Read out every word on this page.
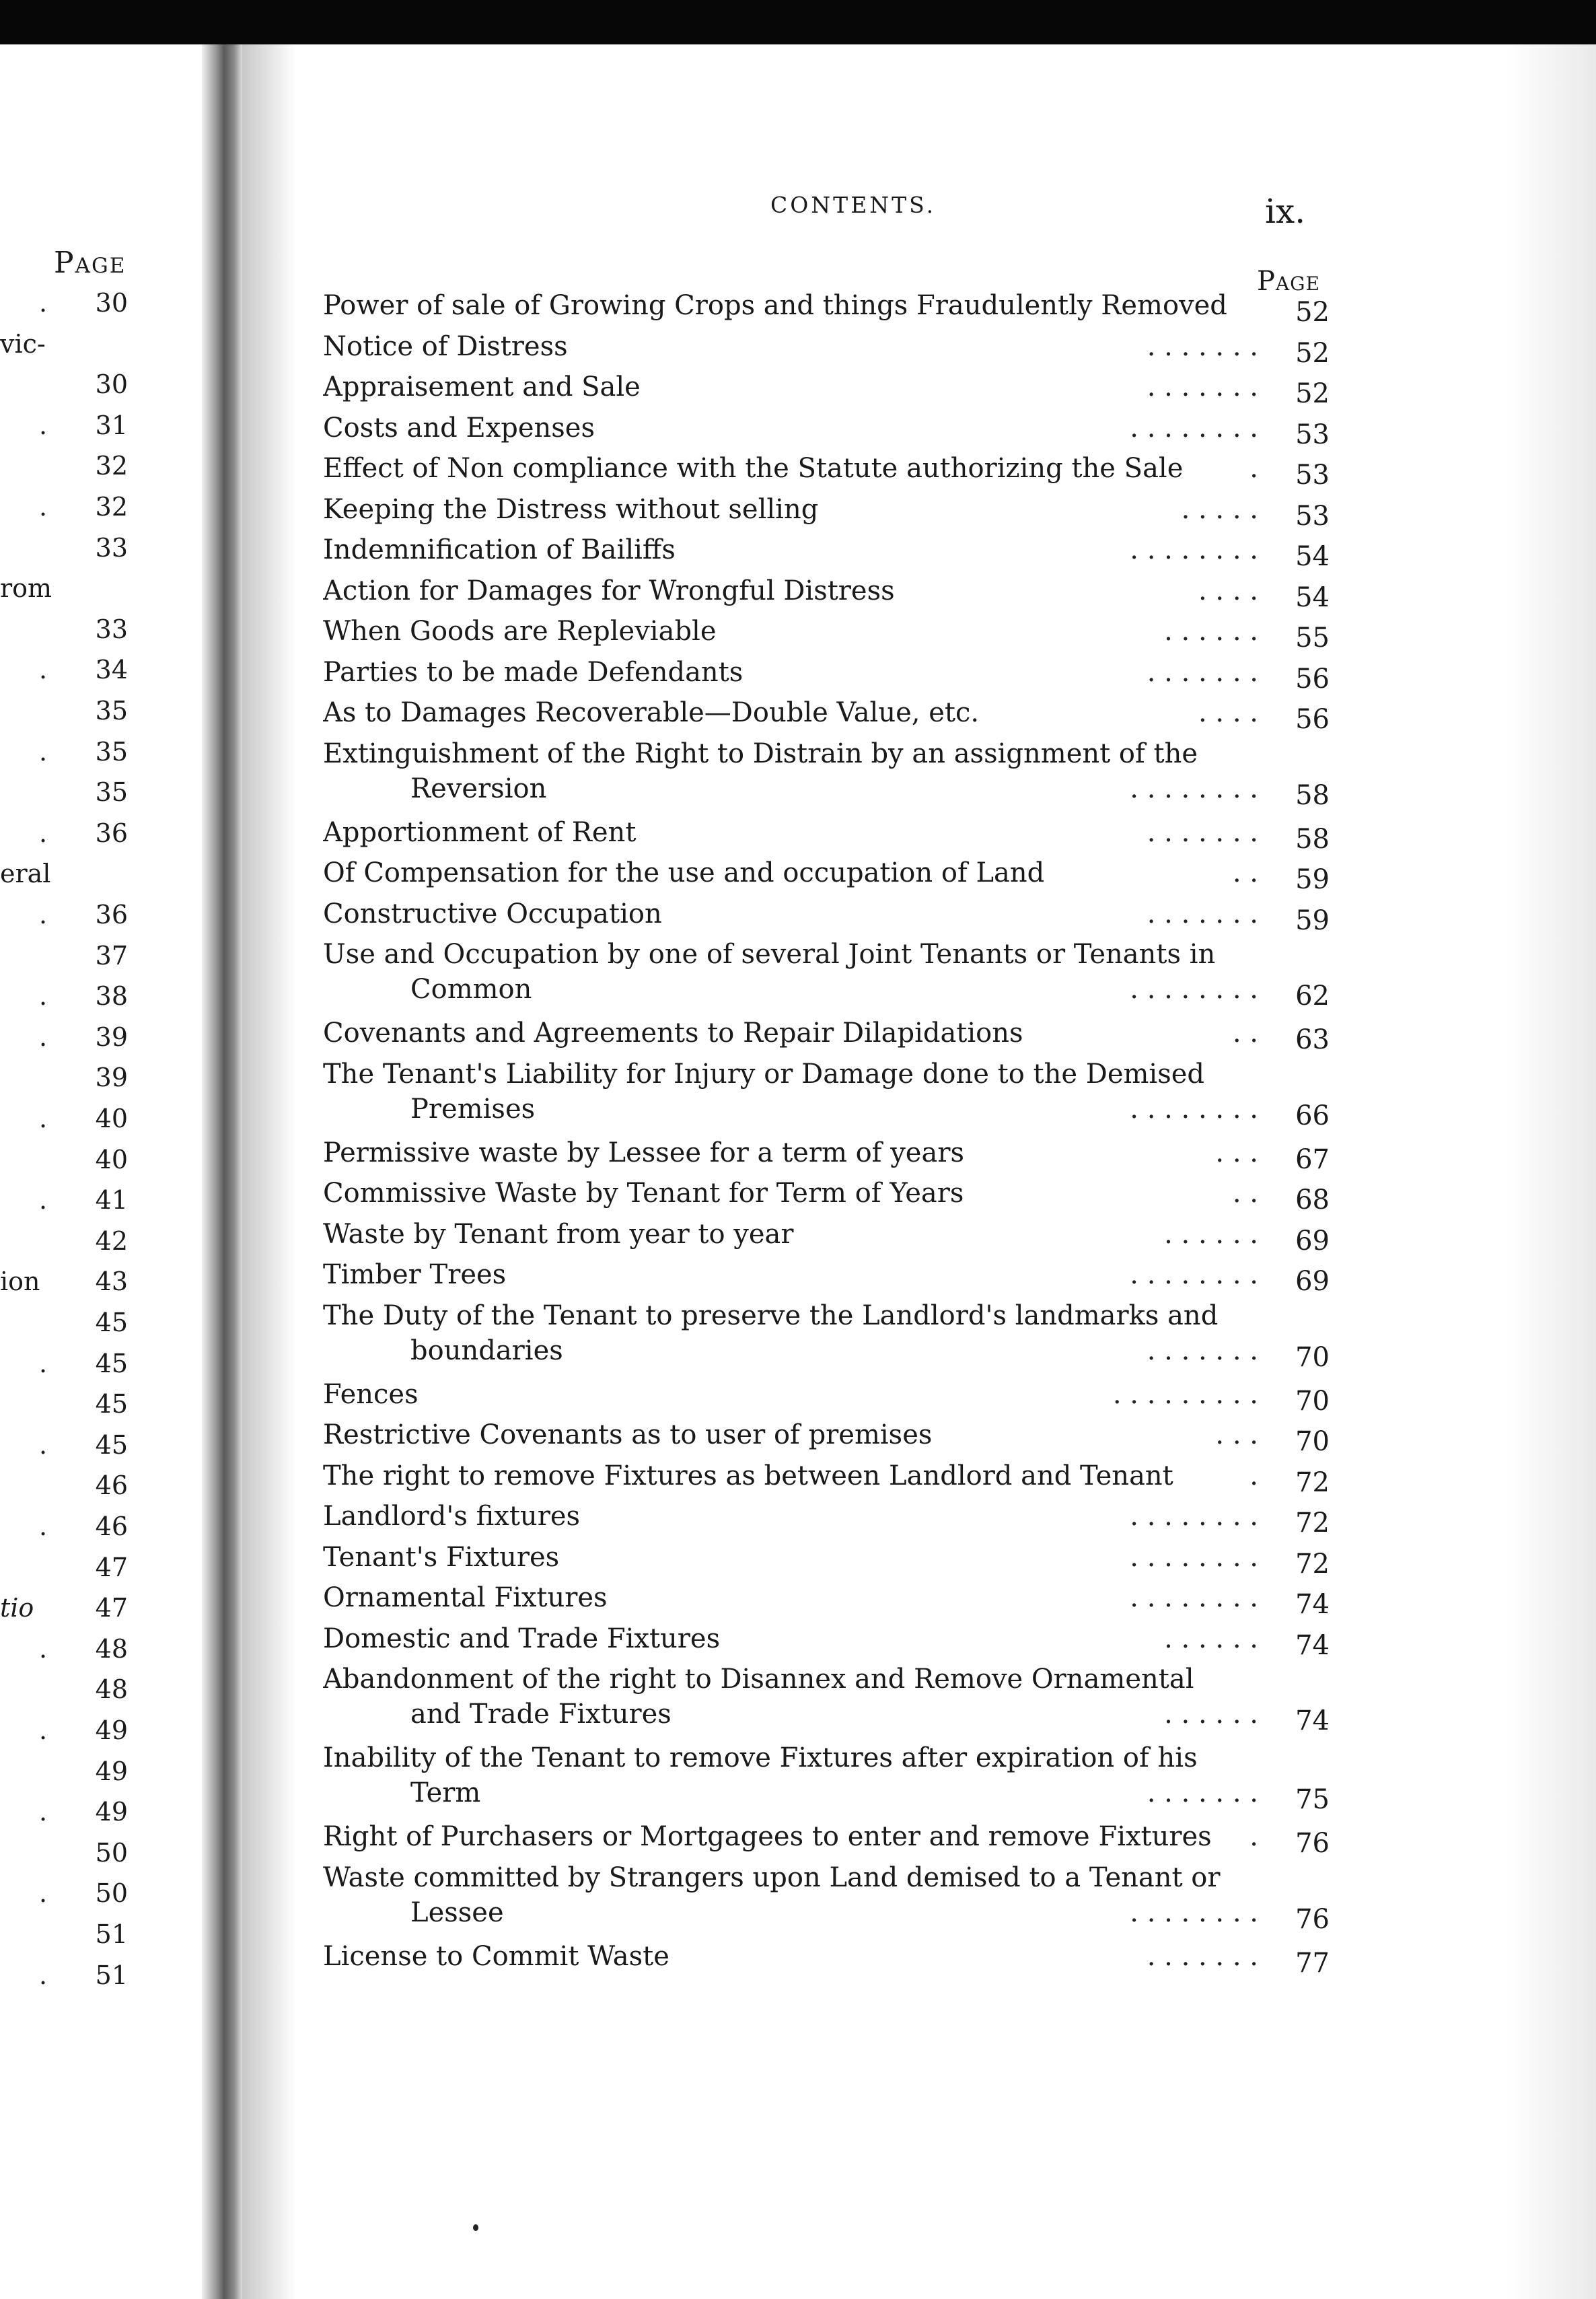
Page
. 30
vic-
30
. 31
32
. 32
33
rom
33
. 34
35
. 35
35
. 36
eral
. 36
37
. 38
. 39
39
. 40
40
. 41
42
ion 43
45
. 45
45
. 45
46
. 46
47
tio 47
. 48
48
. 49
49
. 49
50
. 50
51
. 51
CONTENTS.	ix.
Page
Power of sale of Growing Crops and things Fraudulently Removed	52
Notice of Distress	. . . . . . . 52
Appraisement and Sale	. . . . . . . 52
Costs and Expenses	. . . . . . . . 53
Effect of Non compliance with the Statute authorizing the Sale	. 53
Keeping the Distress without selling	. . . . . 53
Indemnification of Bailiffs	. . . . . . . . 54
Action for Damages for Wrongful Distress	. . . . 54
When Goods are Repleviable	. . . . . . 55
Parties to be made Defendants	. . . . . . . 56
As to Damages Recoverable—Double Value, etc.	. . . . 56
Extinguishment of the Right to Distrain by an assignment of the
Reversion	. . . . . . . . 58
Apportionment of Rent	. . . . . . . 58
Of Compensation for the use and occupation of Land	. . 59
Constructive Occupation	. . . . . . . 59
Use and Occupation by one of several Joint Tenants or Tenants in
Common	. . . . . . . . 62
Covenants and Agreements to Repair Dilapidations	. . 63
The Tenant's Liability for Injury or Damage done to the Demised
Premises	. . . . . . . . 66
Permissive waste by Lessee for a term of years	. . . 67
Commissive Waste by Tenant for Term of Years	. . 68
Waste by Tenant from year to year	. . . . . . 69
Timber Trees	. . . . . . . . 69
The Duty of the Tenant to preserve the Landlord's landmarks and
boundaries	. . . . . . . 70
Fences	. . . . . . . . . 70
Restrictive Covenants as to user of premises	. . . 70
The right to remove Fixtures as between Landlord and Tenant	. 72
Landlord's fixtures	. . . . . . . . 72
Tenant's Fixtures	. . . . . . . . 72
Ornamental Fixtures	. . . . . . . . 74
Domestic and Trade Fixtures	. . . . . . 74
Abandonment of the right to Disannex and Remove Ornamental
and Trade Fixtures	. . . . . . 74
Inability of the Tenant to remove Fixtures after expiration of his
Term	. . . . . . . 75
Right of Purchasers or Mortgagees to enter and remove Fixtures	. 76
Waste committed by Strangers upon Land demised to a Tenant or
Lessee	. . . . . . . . 76
License to Commit Waste	. . . . . . . 77
